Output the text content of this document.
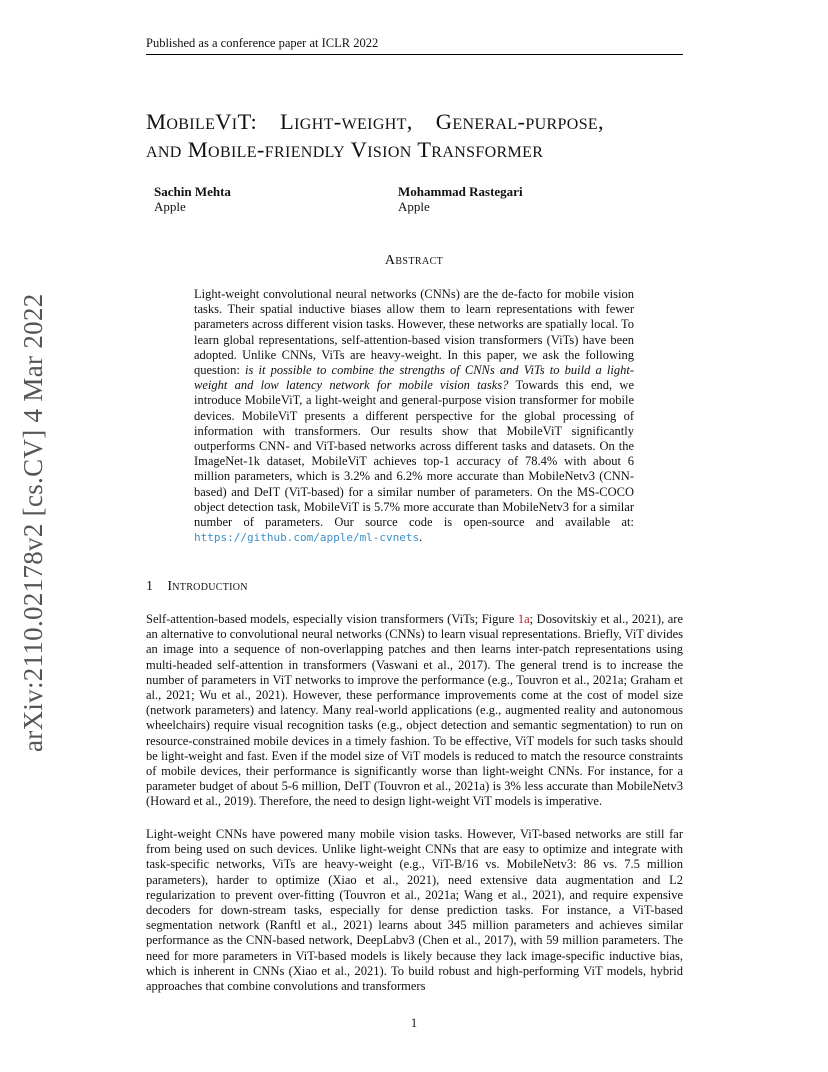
Published as a conference paper at ICLR 2022
arXiv:2110.02178v2 [cs.CV] 4 Mar 2022
MobileViT: Light-weight, General-purpose,
and Mobile-friendly Vision Transformer
Sachin Mehta
Apple
Mohammad Rastegari
Apple
Abstract
Light-weight convolutional neural networks (CNNs) are the de-facto for mobile vision tasks. Their spatial inductive biases allow them to learn representations with fewer parameters across different vision tasks. However, these networks are spatially local. To learn global representations, self-attention-based vision transformers (ViTs) have been adopted. Unlike CNNs, ViTs are heavy-weight. In this paper, we ask the following question: is it possible to combine the strengths of CNNs and ViTs to build a light-weight and low latency network for mobile vision tasks? Towards this end, we introduce MobileViT, a light-weight and general-purpose vision transformer for mobile devices. MobileViT presents a different perspective for the global processing of information with transformers. Our results show that MobileViT significantly outperforms CNN- and ViT-based networks across different tasks and datasets. On the ImageNet-1k dataset, MobileViT achieves top-1 accuracy of 78.4% with about 6 million parameters, which is 3.2% and 6.2% more accurate than MobileNetv3 (CNN-based) and DeIT (ViT-based) for a similar number of parameters. On the MS-COCO object detection task, MobileViT is 5.7% more accurate than MobileNetv3 for a similar number of parameters. Our source code is open-source and available at: https://github.com/apple/ml-cvnets.
1 Introduction
Self-attention-based models, especially vision transformers (ViTs; Figure 1a; Dosovitskiy et al., 2021), are an alternative to convolutional neural networks (CNNs) to learn visual representations. Briefly, ViT divides an image into a sequence of non-overlapping patches and then learns inter-patch representations using multi-headed self-attention in transformers (Vaswani et al., 2017). The general trend is to increase the number of parameters in ViT networks to improve the performance (e.g., Touvron et al., 2021a; Graham et al., 2021; Wu et al., 2021). However, these performance improvements come at the cost of model size (network parameters) and latency. Many real-world applications (e.g., augmented reality and autonomous wheelchairs) require visual recognition tasks (e.g., object detection and semantic segmentation) to run on resource-constrained mobile devices in a timely fashion. To be effective, ViT models for such tasks should be light-weight and fast. Even if the model size of ViT models is reduced to match the resource constraints of mobile devices, their performance is significantly worse than light-weight CNNs. For instance, for a parameter budget of about 5-6 million, DeIT (Touvron et al., 2021a) is 3% less accurate than MobileNetv3 (Howard et al., 2019). Therefore, the need to design light-weight ViT models is imperative.
Light-weight CNNs have powered many mobile vision tasks. However, ViT-based networks are still far from being used on such devices. Unlike light-weight CNNs that are easy to optimize and integrate with task-specific networks, ViTs are heavy-weight (e.g., ViT-B/16 vs. MobileNetv3: 86 vs. 7.5 million parameters), harder to optimize (Xiao et al., 2021), need extensive data augmentation and L2 regularization to prevent over-fitting (Touvron et al., 2021a; Wang et al., 2021), and require expensive decoders for down-stream tasks, especially for dense prediction tasks. For instance, a ViT-based segmentation network (Ranftl et al., 2021) learns about 345 million parameters and achieves similar performance as the CNN-based network, DeepLabv3 (Chen et al., 2017), with 59 million parameters. The need for more parameters in ViT-based models is likely because they lack image-specific inductive bias, which is inherent in CNNs (Xiao et al., 2021). To build robust and high-performing ViT models, hybrid approaches that combine convolutions and transformers
1
